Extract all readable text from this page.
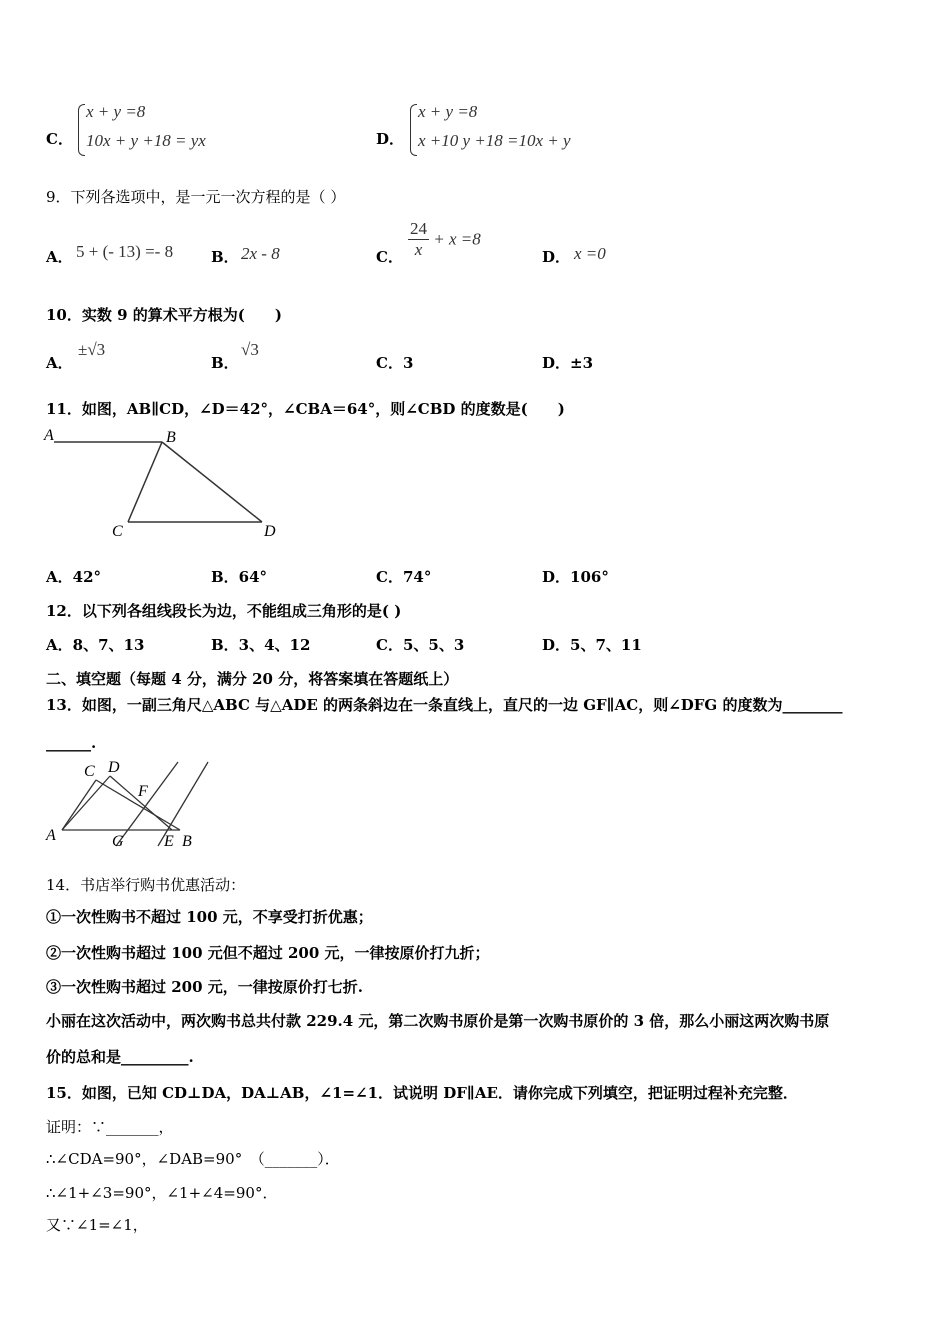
C．
x + y =8
10x + y +18 = yx	D．
x + y =8
x +10 y +18 =10x + y
9．下列各选项中，是一元一次方程的是（ ）
A． 5 + (- 13) =- 8	B． 2x - 8	C． $\frac{24}{x} + x =8$
D． x =0
10．实数 9 的算术平方根为(　　)
A．
±√3
B．
√3
C．3	D．±3
11．如图，AB∥CD，∠D＝42°，∠CBA＝64°，则∠CBD 的度数是(　　)
A	B
C	D
A．42°	B．64°	C．74°	D．106°
12．以下列各组线段长为边，不能组成三角形的是( )
A．8、7、13	B．3、4、12	C．5、5、3	D．5、7、11
二、填空题（每题 4 分，满分 20 分，将答案填在答题纸上）
13．如图，一副三角尺△ABC 与△ADE 的两条斜边在一条直线上，直尺的一边 GF∥AC，则∠DFG 的度数为________
______.
C D
F
A	G	E B
14．书店举行购书优惠活动：
①一次性购书不超过 100 元，不享受打折优惠；
②一次性购书超过 100 元但不超过 200 元，一律按原价打九折；
③一次性购书超过 200 元，一律按原价打七折.
小丽在这次活动中，两次购书总共付款 229.4 元，第二次购书原价是第一次购书原价的 3 倍，那么小丽这两次购书原
价的总和是_________.
15．如图，已知 CD⊥DA，DA⊥AB，∠1=∠1．试说明 DF∥AE．请你完成下列填空，把证明过程补充完整．
证明：∵_______，
∴∠CDA=90°，∠DAB=90°　（_______）．
∴∠1+∠3=90°，∠1+∠4=90°．
又∵∠1=∠1，
